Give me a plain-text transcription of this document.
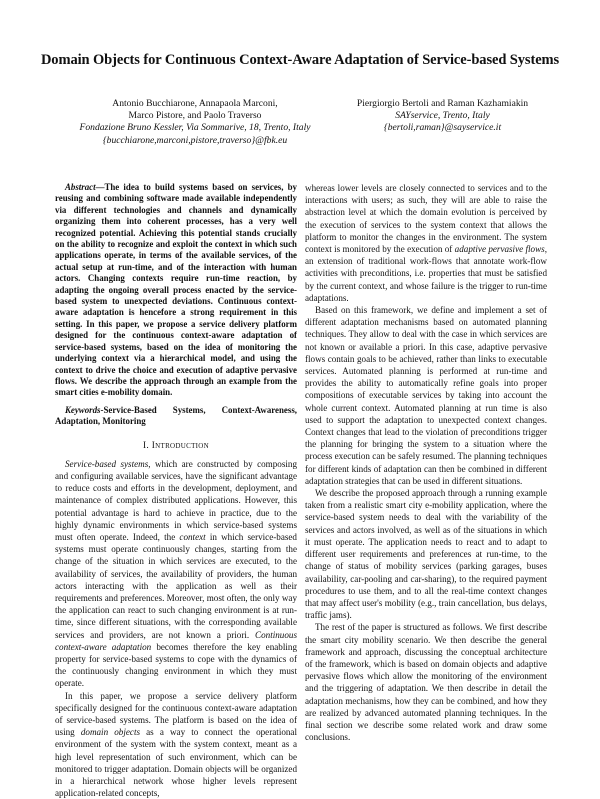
Domain Objects for Continuous Context-Aware Adaptation of Service-based Systems
Antonio Bucchiarone, Annapaola Marconi,
Marco Pistore, and Paolo Traverso
Fondazione Bruno Kessler, Via Sommarive, 18, Trento, Italy
{bucchiarone,marconi,pistore,traverso}@fbk.eu
Piergiorgio Bertoli and Raman Kazhamiakin
SAYservice, Trento, Italy
{bertoli,raman}@sayservice.it

Abstract—The idea to build systems based on services, by reusing and combining software made available independently via different technologies and channels and dynamically organizing them into coherent processes, has a very well recognized potential. Achieving this potential stands crucially on the ability to recognize and exploit the context in which such applications operate, in terms of the available services, of the actual setup at run-time, and of the interaction with human actors. Changing contexts require run-time reaction, by adapting the ongoing overall process enacted by the service-based system to unexpected deviations. Continuous context-aware adaptation is hencefore a strong requirement in this setting. In this paper, we propose a service delivery platform designed for the continuous context-aware adaptation of service-based systems, based on the idea of monitoring the underlying context via a hierarchical model, and using the context to drive the choice and execution of adaptive pervasive flows. We describe the approach through an example from the smart cities e-mobility domain.

Keywords-Service-Based Systems, Context-Awareness, Adaptation, Monitoring

I. Introduction

Service-based systems, which are constructed by composing and configuring available services, have the significant advantage to reduce costs and efforts in the development, deployment, and maintenance of complex distributed applications. However, this potential advantage is hard to achieve in practice, due to the highly dynamic environments in which service-based systems must often operate. Indeed, the context in which service-based systems must operate continuously changes, starting from the change of the situation in which services are executed, to the availability of services, the availability of providers, the human actors interacting with the application as well as their requirements and preferences. Moreover, most often, the only way the application can react to such changing environment is at run-time, since different situations, with the corresponding available services and providers, are not known a priori. Continuous context-aware adaptation becomes therefore the key enabling property for service-based systems to cope with the dynamics of the continuously changing environment in which they must operate.

In this paper, we propose a service delivery platform specifically designed for the continuous context-aware adaptation of service-based systems. The platform is based on the idea of using domain objects as a way to connect the operational environment of the system with the system context, meant as a high level representation of such environment, which can be monitored to trigger adaptation. Domain objects will be organized in a hierarchical network whose higher levels represent application-related concepts,

whereas lower levels are closely connected to services and to the interactions with users; as such, they will are able to raise the abstraction level at which the domain evolution is perceived by the execution of services to the system context that allows the platform to monitor the changes in the environment. The system context is monitored by the execution of adaptive pervasive flows, an extension of traditional work-flows that annotate work-flow activities with preconditions, i.e. properties that must be satisfied by the current context, and whose failure is the trigger to run-time adaptations.

Based on this framework, we define and implement a set of different adaptation mechanisms based on automated planning techniques. They allow to deal with the case in which services are not known or available a priori. In this case, adaptive pervasive flows contain goals to be achieved, rather than links to executable services. Automated planning is performed at run-time and provides the ability to automatically refine goals into proper compositions of executable services by taking into account the whole current context. Automated planning at run time is also used to support the adaptation to unexpected context changes. Context changes that lead to the violation of preconditions trigger the planning for bringing the system to a situation where the process execution can be safely resumed. The planning techniques for different kinds of adaptation can then be combined in different adaptation strategies that can be used in different situations.

We describe the proposed approach through a running example taken from a realistic smart city e-mobility application, where the service-based system needs to deal with the variability of the services and actors involved, as well as of the situations in which it must operate. The application needs to react and to adapt to different user requirements and preferences at run-time, to the change of status of mobility services (parking garages, buses availability, car-pooling and car-sharing), to the required payment procedures to use them, and to all the real-time context changes that may affect user's mobility (e.g., train cancellation, bus delays, traffic jams).

The rest of the paper is structured as follows. We first describe the smart city mobility scenario. We then describe the general framework and approach, discussing the conceptual architecture of the framework, which is based on domain objects and adaptive pervasive flows which allow the monitoring of the environment and the triggering of adaptation. We then describe in detail the adaptation mechanisms, how they can be combined, and how they are realized by advanced automated planning techniques. In the final section we describe some related work and draw some conclusions.
